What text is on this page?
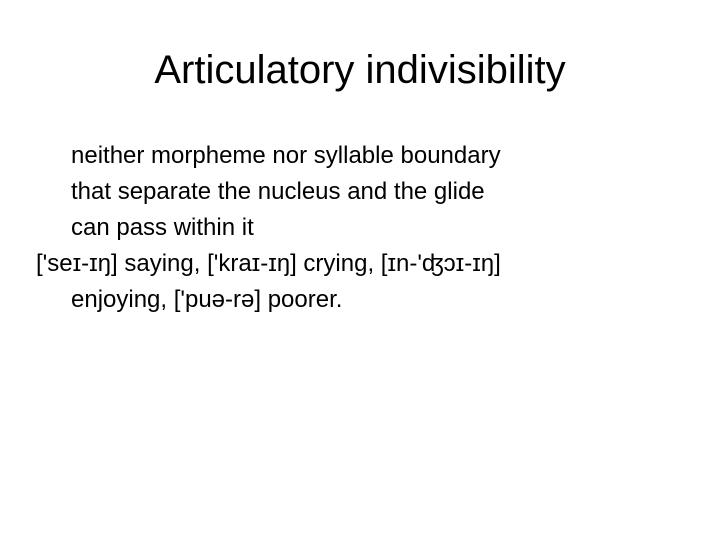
Articulatory indivisibility

neither morpheme nor syllable boundary
that separate the nucleus and the glide
can pass within it

['seɪ-ɪŋ] saying, ['kraɪ-ɪŋ] crying, [ɪn-'ʤɔɪ-ɪŋ]
enjoying, ['puə-rə] poorer.
